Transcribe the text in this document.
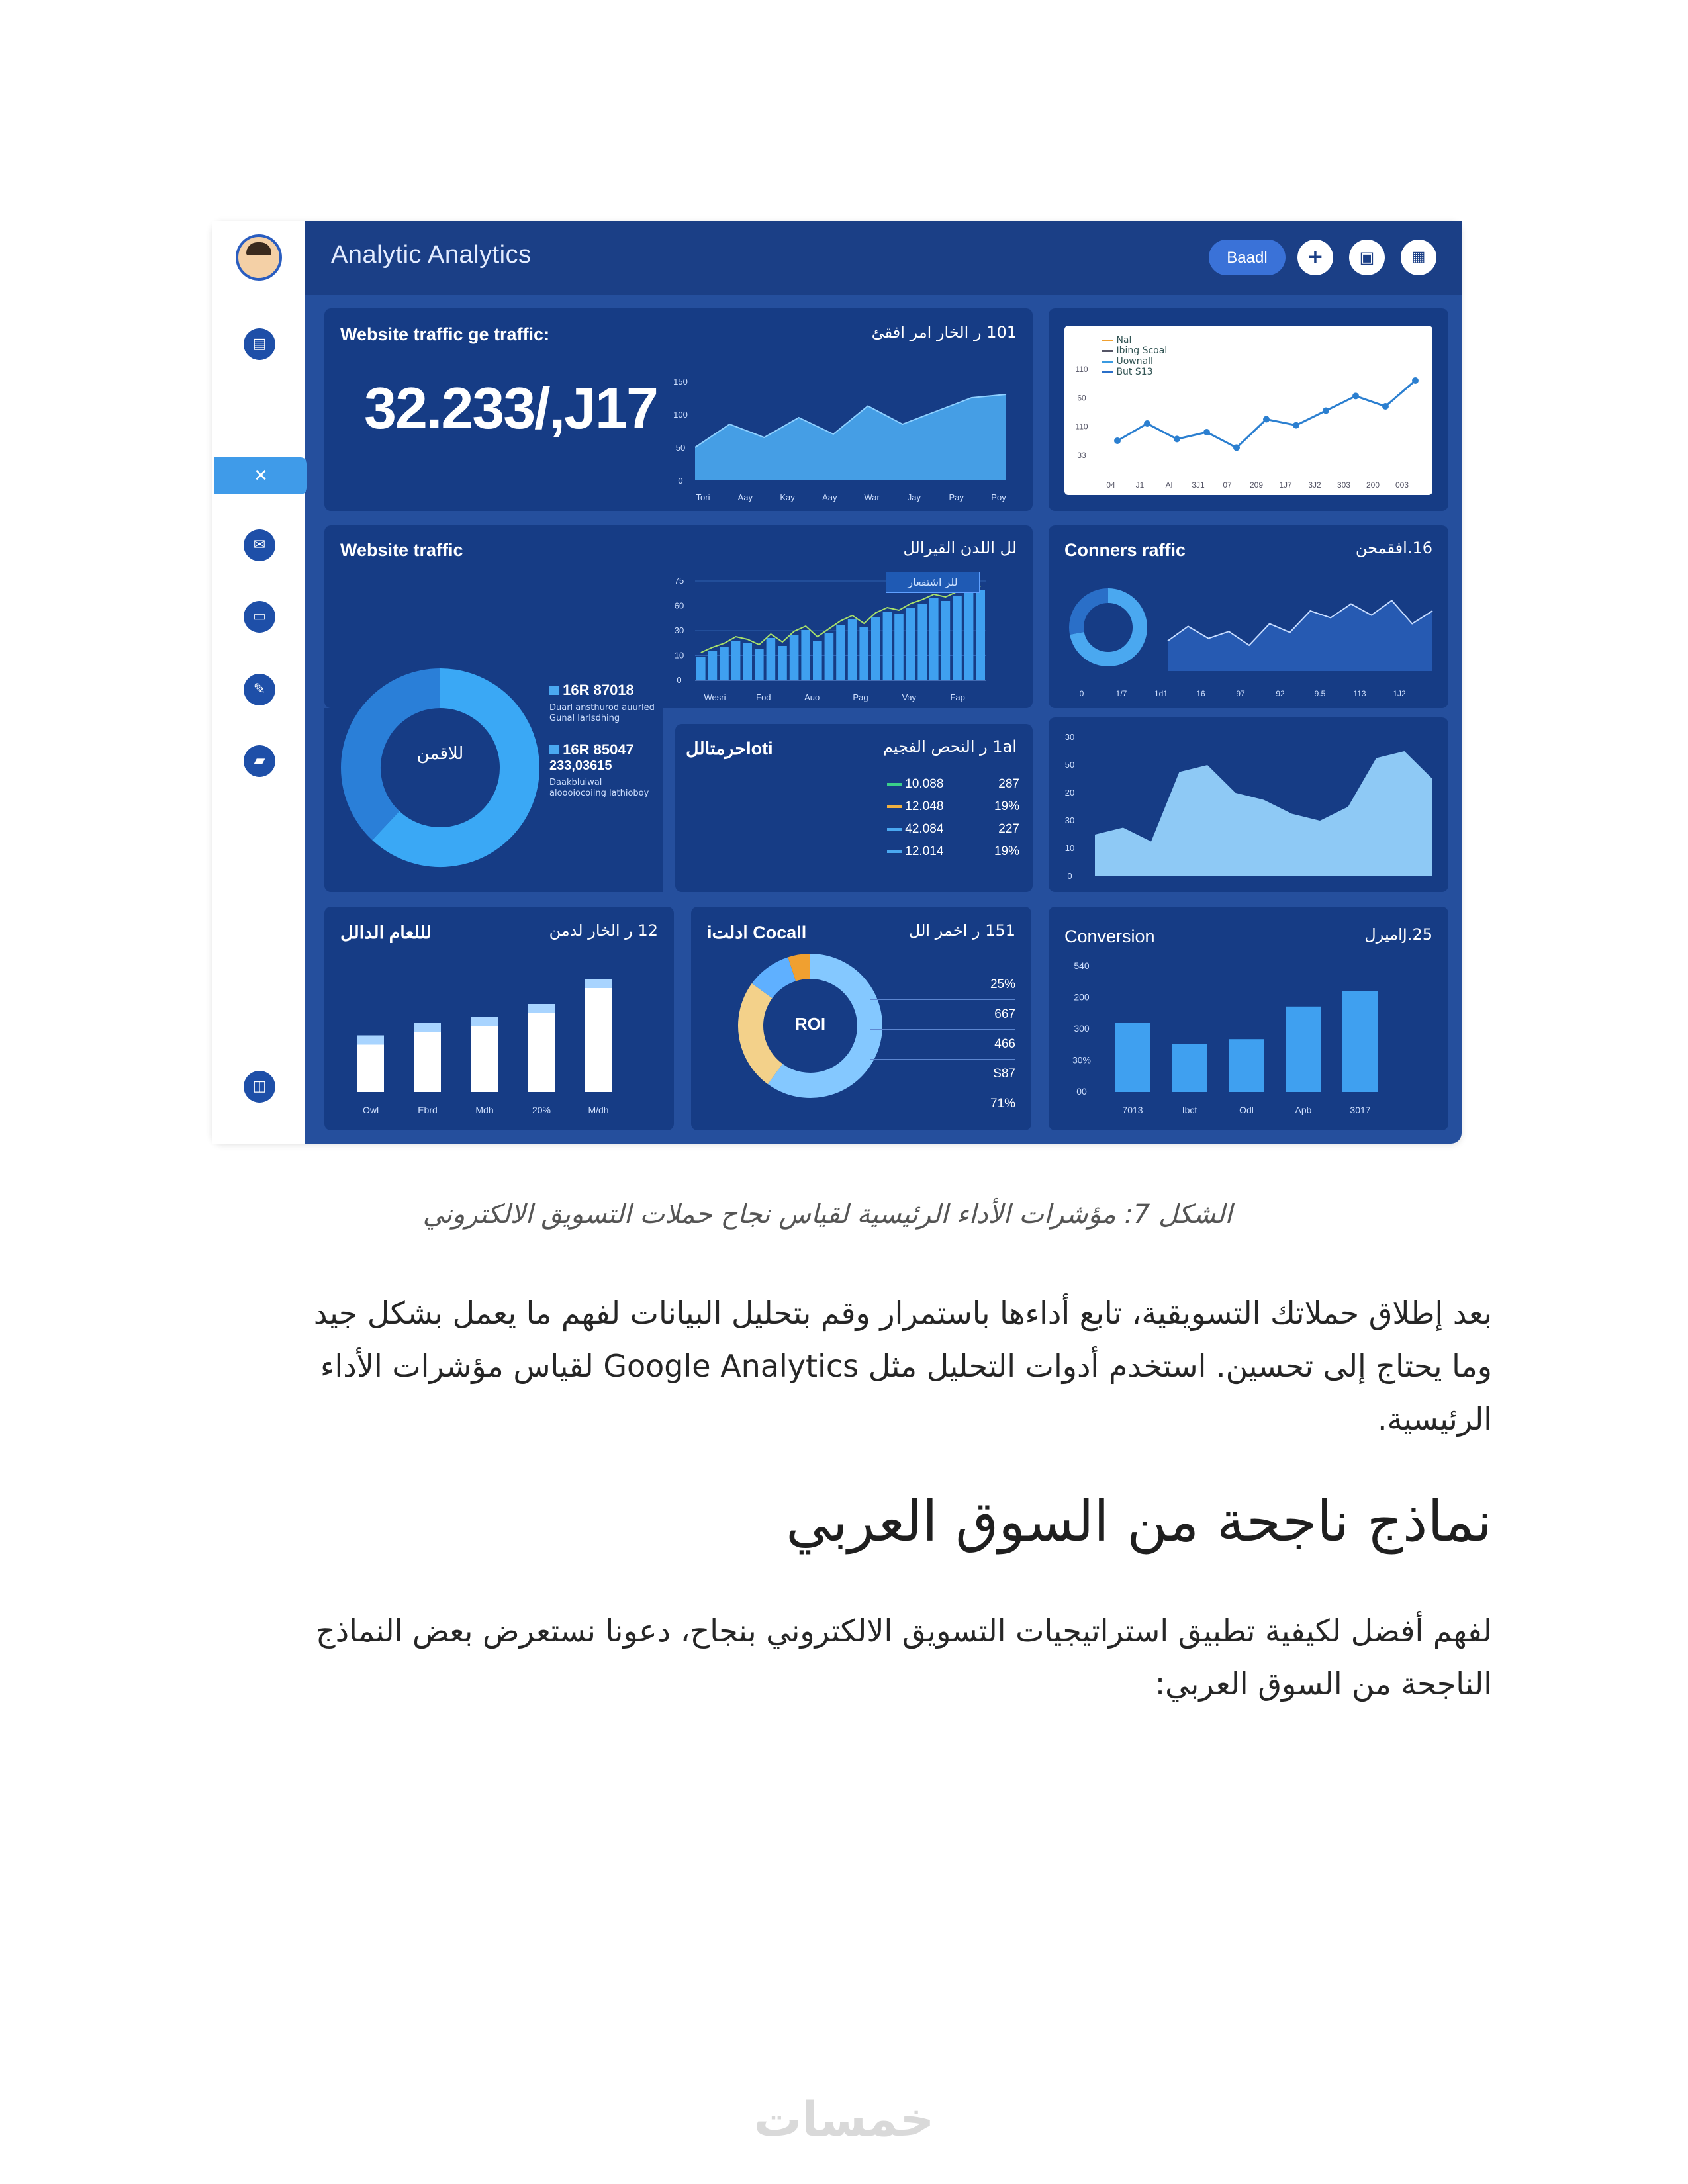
Analytic Analytics	Baadl	+	▣	▦
▤
✕
✉
▭
✎
▰
◫
Website traffic ge traffic:	101 ر الخار امر افقئ
32.233/,J17
0
50
100
150
Tori	Aay	Kay	Aay	War	Jay	Pay	Poy
Nal
Ibing Scoal
Uownall
But S13
33
110
60
110
04	J1	Al 3J1 07 209 1J7 3J2 303 200 003
Website traffic	لل اللدن القيرالل
0
10
30
60
75
Wesri	Fod	Auo	Pag	Vay	Fap
للر اشتقعار
للاقمن
16R 87018
Duarl ansthurod auurled Gunal larlsdhing
16R 85047
233,03615
Daakbluiwal aloooiocoiing lathioboy
Conners raffic	16.افقمحن
0	1/7	1d1	16	97	92	9.5	113	1J2
lotiحرمتالل	1al ر النحص الفجيم
10.088	287
12.048	19%
42.084	227
12.014	19%
0
10
30
20
50
30
لللعام الدالل	12 ر الخار لدمن
Owl	Ebrd	Mdh	20%	M/dh
Cocall ادلتi	151 ر اخمر الل
ROI
25%
667
466
S87
71%
Conversion	J.25اميرل
7013	Ibct	Odl	Apb	3017
00
30%
300
200
540
الشكل 7: مؤشرات الأداء الرئيسية لقياس نجاح حملات التسويق الالكتروني
بعد إطلاق حملاتك التسويقية، تابع أداءها باستمرار وقم بتحليل البيانات لفهم ما يعمل بشكل جيد
وما يحتاج إلى تحسين. استخدم أدوات التحليل مثل Google Analytics لقياس مؤشرات الأداء
الرئيسية.
نماذج ناجحة من السوق العربي
لفهم أفضل لكيفية تطبيق استراتيجيات التسويق الالكتروني بنجاح، دعونا نستعرض بعض النماذج
الناجحة من السوق العربي:
خمسات
